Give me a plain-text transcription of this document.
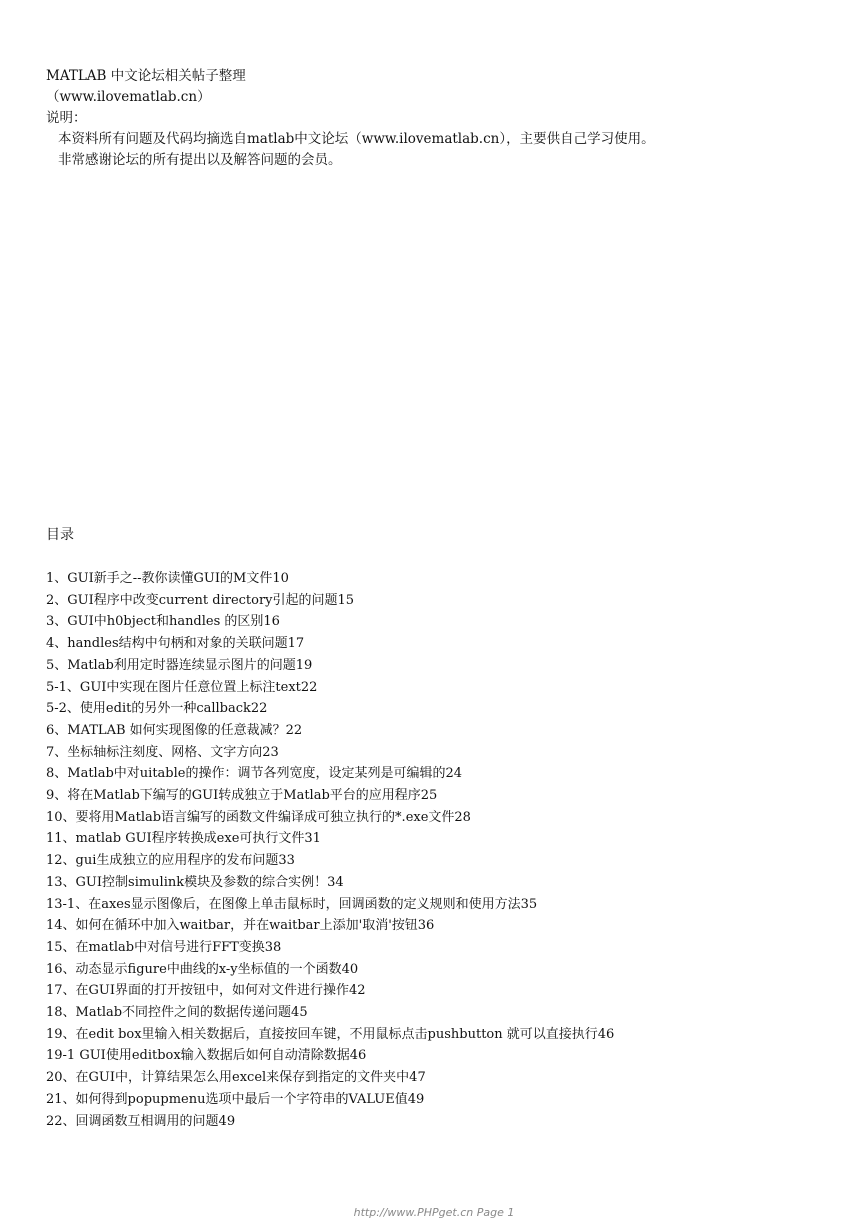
MATLAB 中文论坛相关帖子整理
（www.ilovematlab.cn）
说明：
本资料所有问题及代码均摘选自matlab中文论坛（www.ilovematlab.cn），主要供自己学习使用。
非常感谢论坛的所有提出以及解答问题的会员。
目录
1、GUI新手之--教你读懂GUI的M文件10
2、GUI程序中改变current directory引起的问题15
3、GUI中h0bject和handles 的区别16
4、handles结构中句柄和对象的关联问题17
5、Matlab利用定时器连续显示图片的问题19
5-1、GUI中实现在图片任意位置上标注text22
5-2、使用edit的另外一种callback22
6、MATLAB 如何实现图像的任意裁减？22
7、坐标轴标注刻度、网格、文字方向23
8、Matlab中对uitable的操作：调节各列宽度，设定某列是可编辑的24
9、将在Matlab下编写的GUI转成独立于Matlab平台的应用程序25
10、要将用Matlab语言编写的函数文件编译成可独立执行的*.exe文件28
11、matlab GUI程序转换成exe可执行文件31
12、gui生成独立的应用程序的发布问题33
13、GUI控制simulink模块及参数的综合实例！34
13-1、在axes显示图像后，在图像上单击鼠标时，回调函数的定义规则和使用方法35
14、如何在循环中加入waitbar，并在waitbar上添加'取消'按钮36
15、在matlab中对信号进行FFT变换38
16、动态显示figure中曲线的x-y坐标值的一个函数40
17、在GUI界面的打开按钮中，如何对文件进行操作42
18、Matlab不同控件之间的数据传递问题45
19、在edit box里输入相关数据后，直接按回车键，不用鼠标点击pushbutton 就可以直接执行46
19-1 GUI使用editbox输入数据后如何自动清除数据46
20、在GUI中，计算结果怎么用excel来保存到指定的文件夹中47
21、如何得到popupmenu选项中最后一个字符串的VALUE值49
22、回调函数互相调用的问题49
http://www.PHPget.cn Page 1
